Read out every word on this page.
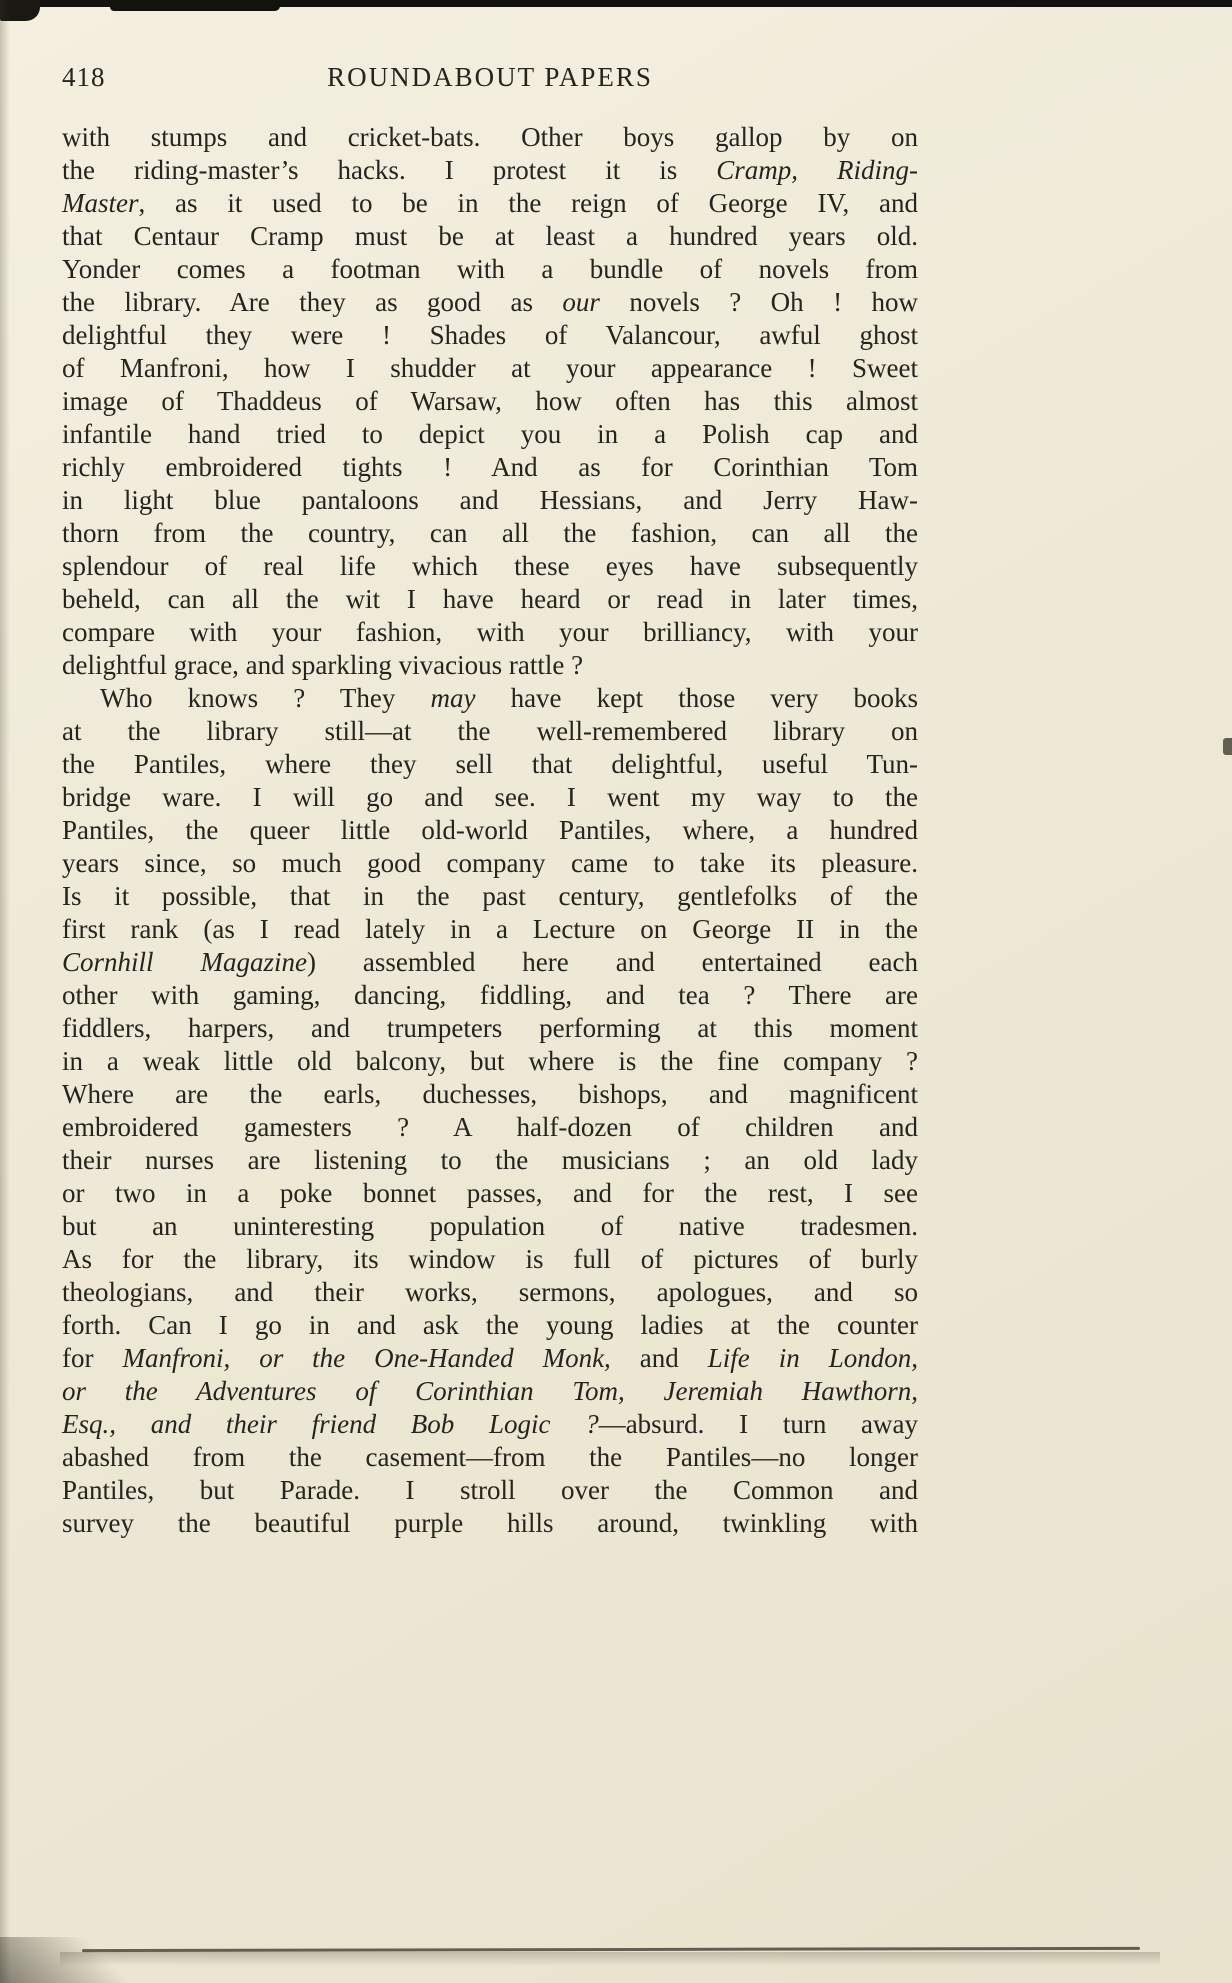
418	ROUNDABOUT PAPERS
with stumps and cricket-bats. Other boys gallop by on
the riding-master’s hacks. I protest it is Cramp, Riding-
Master, as it used to be in the reign of George IV, and
that Centaur Cramp must be at least a hundred years old.
Yonder comes a footman with a bundle of novels from
the library. Are they as good as our novels ? Oh ! how
delightful they were ! Shades of Valancour, awful ghost
of Manfroni, how I shudder at your appearance ! Sweet
image of Thaddeus of Warsaw, how often has this almost
infantile hand tried to depict you in a Polish cap and
richly embroidered tights ! And as for Corinthian Tom
in light blue pantaloons and Hessians, and Jerry Haw-
thorn from the country, can all the fashion, can all the
splendour of real life which these eyes have subsequently
beheld, can all the wit I have heard or read in later times,
compare with your fashion, with your brilliancy, with your
delightful grace, and sparkling vivacious rattle ?
Who knows ? They may have kept those very books
at the library still—at the well-remembered library on
the Pantiles, where they sell that delightful, useful Tun-
bridge ware. I will go and see. I went my way to the
Pantiles, the queer little old-world Pantiles, where, a hundred
years since, so much good company came to take its pleasure.
Is it possible, that in the past century, gentlefolks of the
first rank (as I read lately in a Lecture on George II in the
Cornhill Magazine) assembled here and entertained each
other with gaming, dancing, fiddling, and tea ? There are
fiddlers, harpers, and trumpeters performing at this moment
in a weak little old balcony, but where is the fine company ?
Where are the earls, duchesses, bishops, and magnificent
embroidered gamesters ? A half-dozen of children and
their nurses are listening to the musicians ; an old lady
or two in a poke bonnet passes, and for the rest, I see
but an uninteresting population of native tradesmen.
As for the library, its window is full of pictures of burly
theologians, and their works, sermons, apologues, and so
forth. Can I go in and ask the young ladies at the counter
for Manfroni, or the One-Handed Monk, and Life in London,
or the Adventures of Corinthian Tom, Jeremiah Hawthorn,
Esq., and their friend Bob Logic ?—absurd. I turn away
abashed from the casement—from the Pantiles—no longer
Pantiles, but Parade. I stroll over the Common and
survey the beautiful purple hills around, twinkling with
